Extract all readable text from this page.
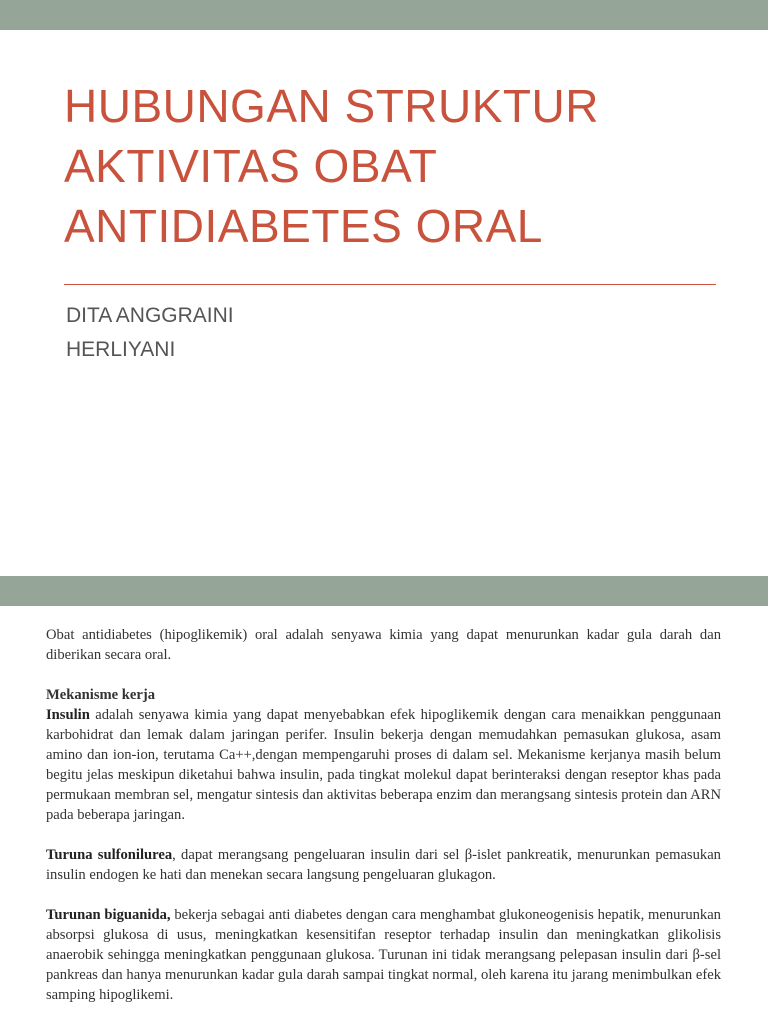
HUBUNGAN STRUKTUR
AKTIVITAS OBAT
ANTIDIABETES ORAL
DITA ANGGRAINI
HERLIYANI

Obat antidiabetes (hipoglikemik) oral adalah senyawa kimia yang dapat menurunkan kadar gula darah dan diberikan secara oral.

Mekanisme kerja

Insulin adalah senyawa kimia yang dapat menyebabkan efek hipoglikemik dengan cara menaikkan penggunaan karbohidrat dan lemak dalam jaringan perifer. Insulin bekerja dengan memudahkan pemasukan glukosa, asam amino dan ion-ion, terutama Ca++,dengan mempengaruhi proses di dalam sel. Mekanisme kerjanya masih belum begitu jelas meskipun diketahui bahwa insulin, pada tingkat molekul dapat berinteraksi dengan reseptor khas pada permukaan membran sel, mengatur sintesis dan aktivitas beberapa enzim dan merangsang sintesis protein dan ARN pada beberapa jaringan.

Turuna sulfonilurea, dapat merangsang pengeluaran insulin dari sel β-islet pankreatik, menurunkan pemasukan insulin endogen ke hati dan menekan secara langsung pengeluaran glukagon.

Turunan biguanida, bekerja sebagai anti diabetes dengan cara menghambat glukoneogenisis hepatik, menurunkan absorpsi glukosa di usus, meningkatkan kesensitifan reseptor terhadap insulin dan meningkatkan glikolisis anaerobik sehingga meningkatkan penggunaan glukosa. Turunan ini tidak merangsang pelepasan insulin dari β-sel pankreas dan hanya menurunkan kadar gula darah sampai tingkat normal, oleh karena itu jarang menimbulkan efek samping hipoglikemi.
